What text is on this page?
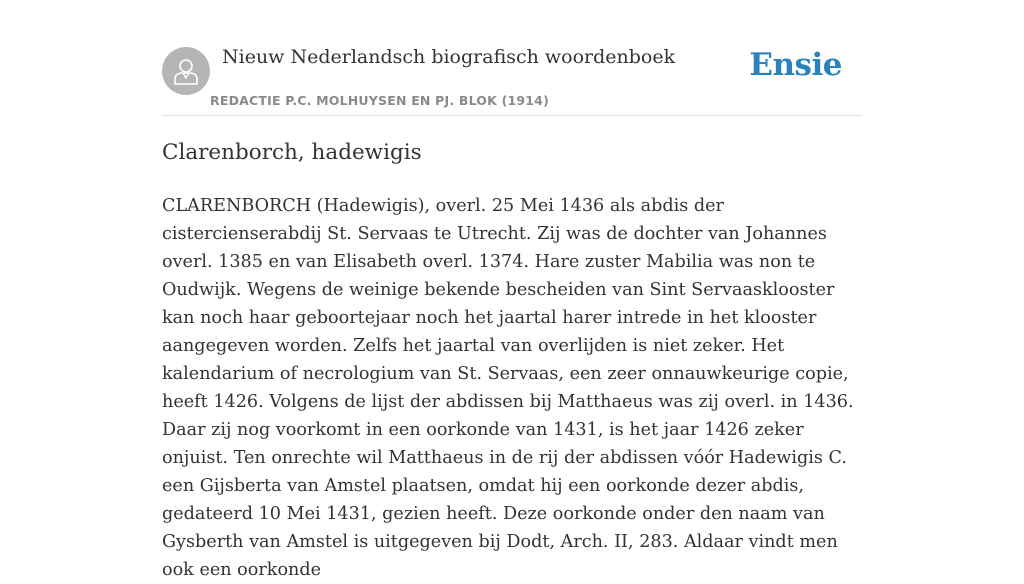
Nieuw Nederlandsch biografisch woordenboek
REDACTIE P.C. MOLHUYSEN EN PJ. BLOK (1914)
Ensie
Clarenborch, hadewigis

CLARENBORCH (Hadewigis), overl. 25 Mei 1436 als abdis der cistercienserabdij St. Servaas te Utrecht. Zij was de dochter van Johannes overl. 1385 en van Elisabeth overl. 1374. Hare zuster Mabilia was non te Oudwijk. Wegens de weinige bekende bescheiden van Sint Servaasklooster kan noch haar geboortejaar noch het jaartal harer intrede in het klooster aangegeven worden. Zelfs het jaartal van overlijden is niet zeker. Het kalendarium of necrologium van St. Servaas, een zeer onnauwkeurige copie, heeft 1426. Volgens de lijst der abdissen bij Matthaeus was zij overl. in 1436. Daar zij nog voorkomt in een oorkonde van 1431, is het jaar 1426 zeker onjuist. Ten onrechte wil Matthaeus in de rij der abdissen vóór Hadewigis C. een Gijsberta van Amstel plaatsen, omdat hij een oorkonde dezer abdis, gedateerd 10 Mei 1431, gezien heeft. Deze oorkonde onder den naam van Gysberth van Amstel is uitgegeven bij Dodt, Arch. II, 283. Aldaar vindt men ook een oorkonde
